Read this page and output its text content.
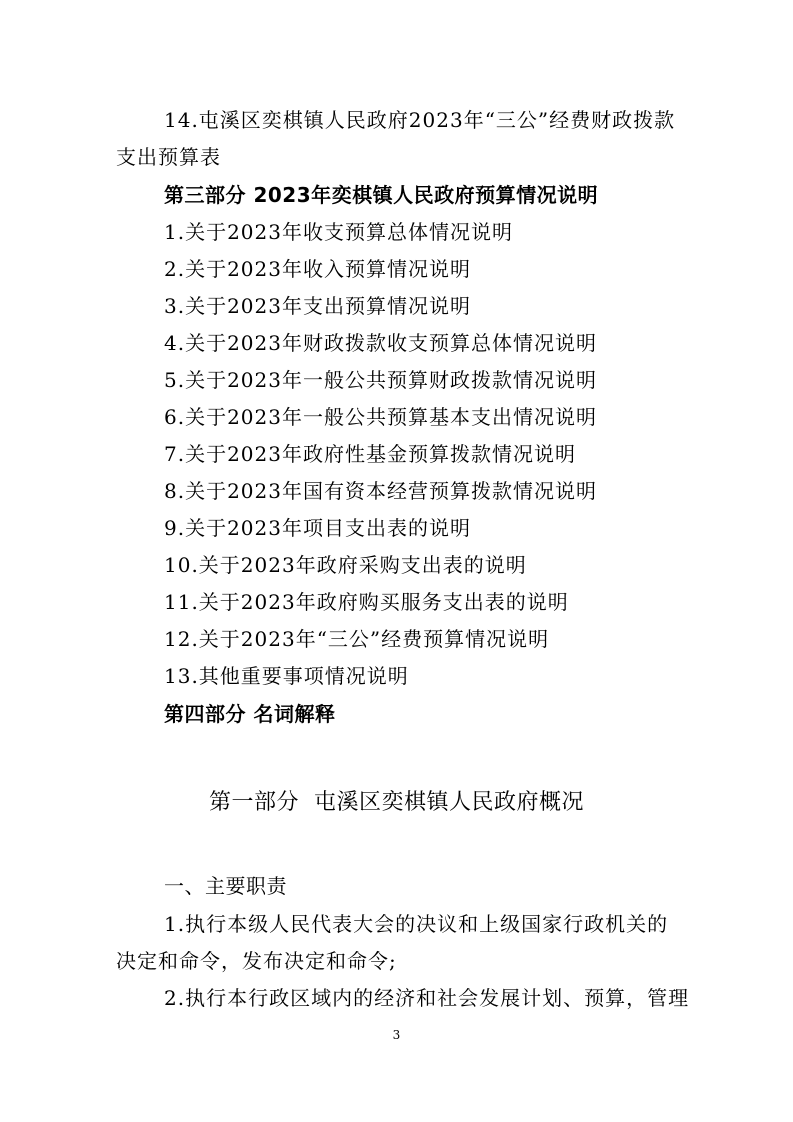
14.屯溪区奕棋镇人民政府2023年“三公”经费财政拨款
支出预算表
第三部分 2023年奕棋镇人民政府预算情况说明
1.关于2023年收支预算总体情况说明
2.关于2023年收入预算情况说明
3.关于2023年支出预算情况说明
4.关于2023年财政拨款收支预算总体情况说明
5.关于2023年一般公共预算财政拨款情况说明
6.关于2023年一般公共预算基本支出情况说明
7.关于2023年政府性基金预算拨款情况说明
8.关于2023年国有资本经营预算拨款情况说明
9.关于2023年项目支出表的说明
10.关于2023年政府采购支出表的说明
11.关于2023年政府购买服务支出表的说明
12.关于2023年“三公”经费预算情况说明
13.其他重要事项情况说明
第四部分 名词解释
第一部分  屯溪区奕棋镇人民政府概况
一、主要职责
1.执行本级人民代表大会的决议和上级国家行政机关的
决定和命令，发布决定和命令;
2.执行本行政区域内的经济和社会发展计划、预算，管理
3
